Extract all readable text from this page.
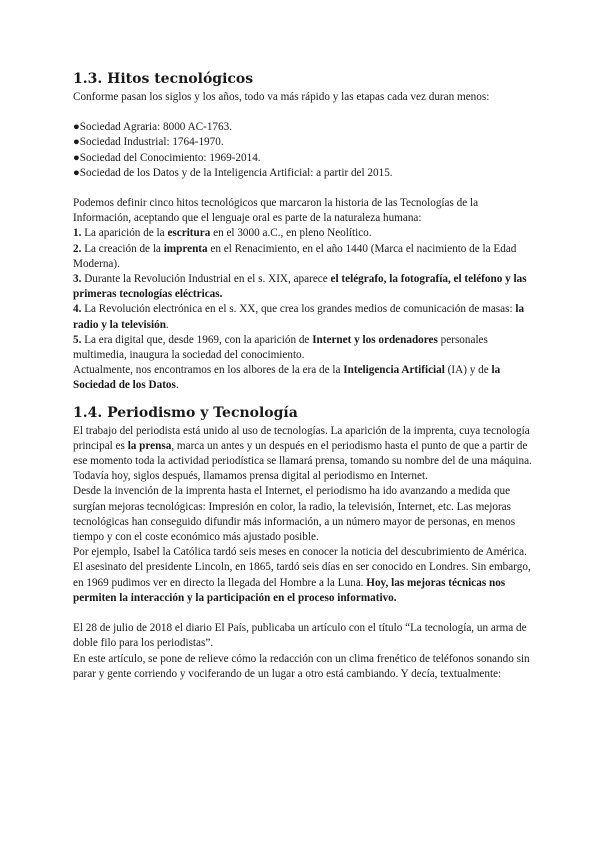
1.3. Hitos tecnológicos

Conforme pasan los siglos y los años, todo va más rápido y las etapas cada vez duran menos:

●Sociedad Agraria: 8000 AC-1763.
●Sociedad Industrial: 1764-1970.
●Sociedad del Conocimiento: 1969-2014.
●Sociedad de los Datos y de la Inteligencia Artificial: a partir del 2015.

Podemos definir cinco hitos tecnológicos que marcaron la historia de las Tecnologías de la Información, aceptando que el lenguaje oral es parte de la naturaleza humana:

1. La aparición de la escritura en el 3000 a.C., en pleno Neolítico.

2. La creación de la imprenta en el Renacimiento, en el año 1440 (Marca el nacimiento de la Edad Moderna).

3. Durante la Revolución Industrial en el s. XIX, aparece el telégrafo, la fotografía, el teléfono y las primeras tecnologías eléctricas.

4. La Revolución electrónica en el s. XX, que crea los grandes medios de comunicación de masas: la radio y la televisión.

5. La era digital que, desde 1969, con la aparición de Internet y los ordenadores personales multimedia, inaugura la sociedad del conocimiento.

Actualmente, nos encontramos en los albores de la era de la Inteligencia Artificial (IA) y de la Sociedad de los Datos.

1.4. Periodismo y Tecnología

El trabajo del periodista está unido al uso de tecnologías. La aparición de la imprenta, cuya tecnología principal es la prensa, marca un antes y un después en el periodismo hasta el punto de que a partir de ese momento toda la actividad periodística se llamará prensa, tomando su nombre del de una máquina. Todavía hoy, siglos después, llamamos prensa digital al periodismo en Internet.

Desde la invención de la imprenta hasta el Internet, el periodismo ha ido avanzando a medida que surgían mejoras tecnológicas: Impresión en color, la radio, la televisión, Internet, etc. Las mejoras tecnológicas han conseguido difundir más información, a un número mayor de personas, en menos tiempo y con el coste económico más ajustado posible.

Por ejemplo, Isabel la Católica tardó seis meses en conocer la noticia del descubrimiento de América. El asesinato del presidente Lincoln, en 1865, tardó seis días en ser conocido en Londres. Sin embargo, en 1969 pudimos ver en directo la llegada del Hombre a la Luna. Hoy, las mejoras técnicas nos permiten la interacción y la participación en el proceso informativo.

El 28 de julio de 2018 el diario El País, publicaba un artículo con el título “La tecnología, un arma de doble filo para los periodistas”.

En este artículo, se pone de relieve cómo la redacción con un clima frenético de teléfonos sonando sin parar y gente corriendo y vociferando de un lugar a otro está cambiando. Y decía, textualmente:
